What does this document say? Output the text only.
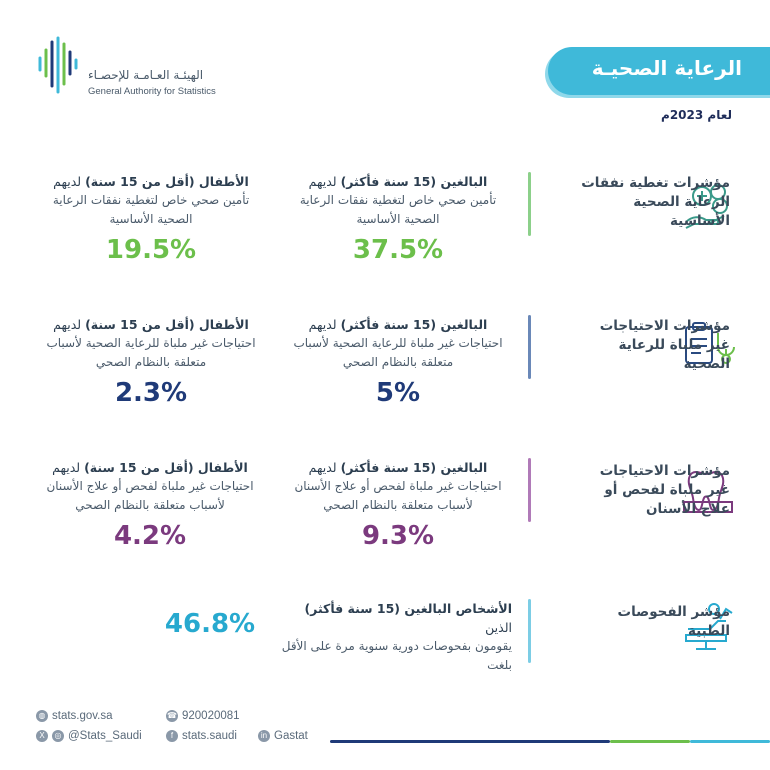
الهيئـة العـامـة للإحصـاء
General Authority for Statistics
الرعاية الصحيـة
لعام 2023م
مؤشرات تغطية نفقات الرعاية الصحية الأساسية
البالغين (15 سنة فأكثر) لديهم
تأمين صحي خاص لتغطية نفقات الرعاية الصحية الأساسية
37.5%
الأطفال (أقل من 15 سنة) لديهم
تأمين صحي خاص لتغطية نفقات الرعاية الصحية الأساسية
19.5%
مؤشرات الاحتياجات غير ملباة للرعاية الصحية
البالغين (15 سنة فأكثر) لديهم
احتياجات غير ملباة للرعاية الصحية لأسباب متعلقة بالنظام الصحي
5%
الأطفال (أقل من 15 سنة) لديهم
احتياجات غير ملباة للرعاية الصحية لأسباب متعلقة بالنظام الصحي
2.3%
مؤشرات الاحتياجات غير ملباة لفحص أو علاج الأسنان
البالغين (15 سنة فأكثر) لديهم
احتياجات غير ملباة لفحص أو علاج الأسنان لأسباب متعلقة بالنظام الصحي
9.3%
الأطفال (أقل من 15 سنة) لديهم
احتياجات غير ملباة لفحص أو علاج الأسنان لأسباب متعلقة بالنظام الصحي
4.2%
مؤشر الفحوصات الطبية
الأشخاص البالغين (15 سنة فأكثر) الذين
يقومون بفحوصات دورية سنوية مرة على الأقل بلغت
46.8%
◍ stats.gov.sa	☎ 920020081
X	◎ @Stats_Saudi	f stats.saudi	in Gastat
